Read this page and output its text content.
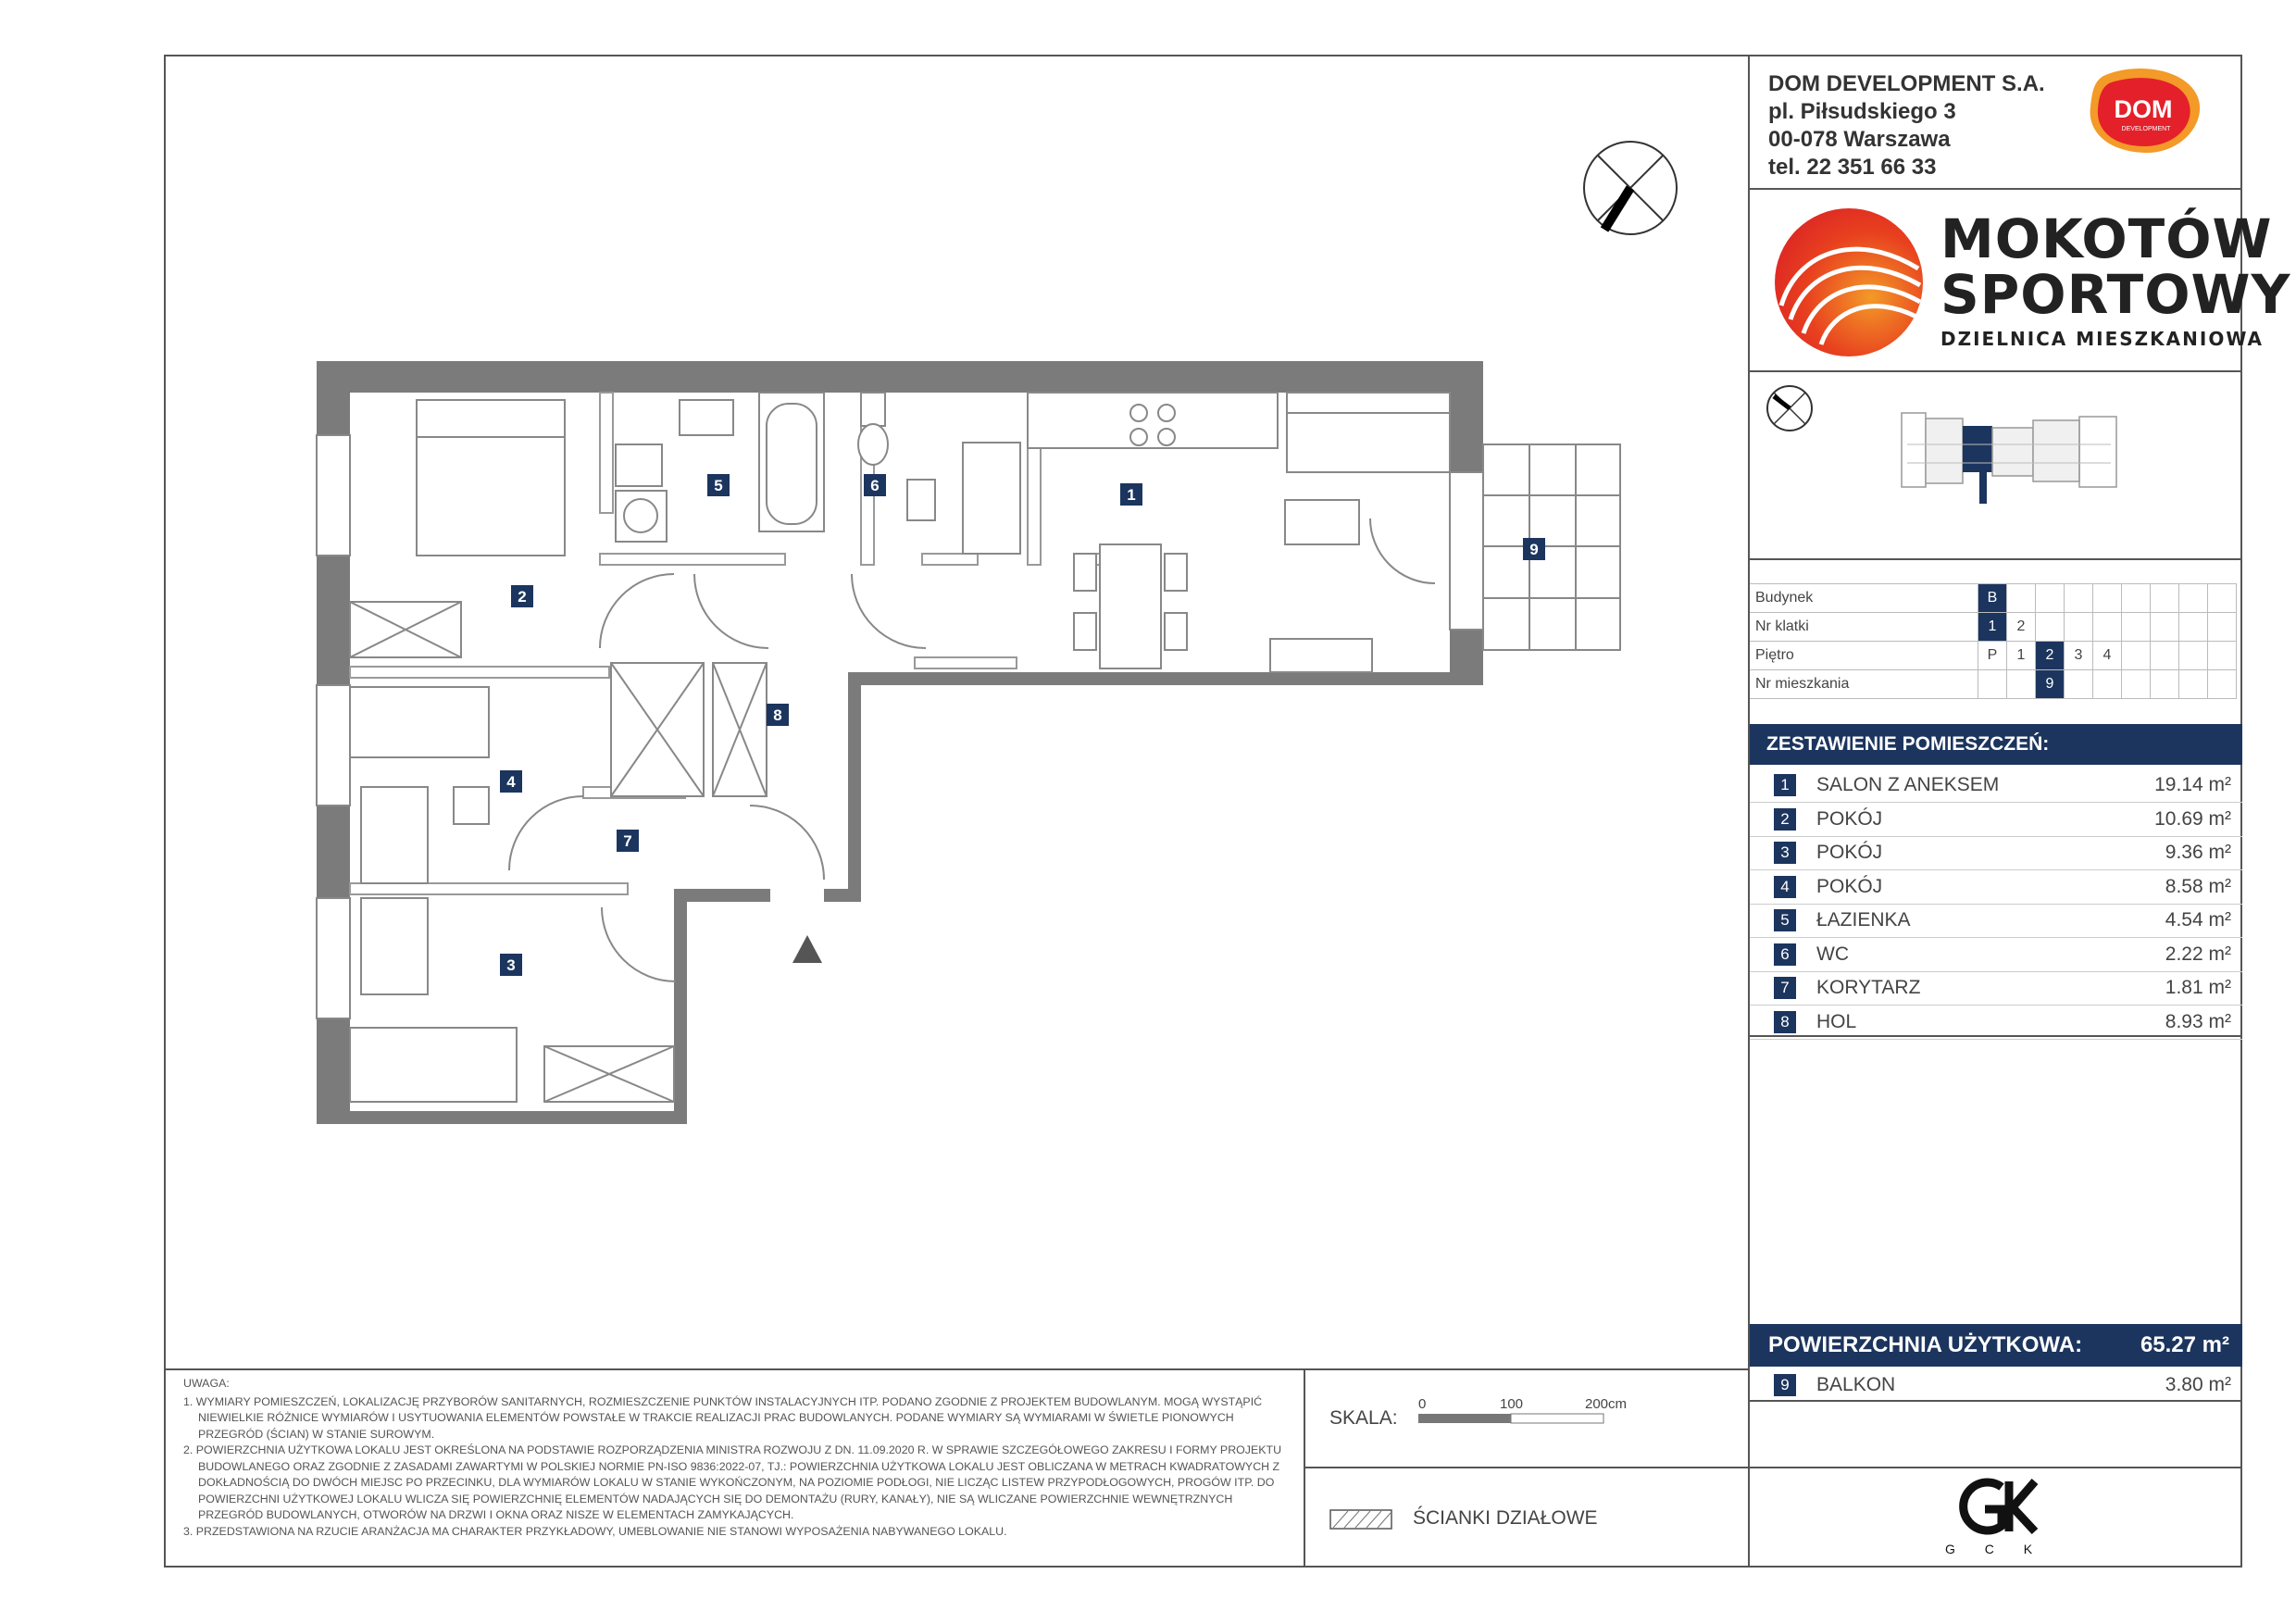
DOM DEVELOPMENT S.A.
pl. Piłsudskiego 3
00-078 Warszawa
tel. 22 351 66 33
DOM
DEVELOPMENT
MOKOTÓW
SPORTOWY
DZIELNICA MIESZKANIOWA
Budynek	B								
Nr klatki	1	2							
Piętro	P	1	2	3	4				
Nr mieszkania			9						
ZESTAWIENIE POMIESZCZEŃ:
1	SALON Z ANEKSEM	19.14 m²
2	POKÓJ	10.69 m²
3	POKÓJ	9.36 m²
4	POKÓJ	8.58 m²
5	ŁAZIENKA	4.54 m²
6	WC	2.22 m²
7	KORYTARZ	1.81 m²
8	HOL	8.93 m²
POWIERZCHNIA UŻYTKOWA:	65.27 m²
9	BALKON	3.80 m²
G C K
UWAGA:
1. WYMIARY POMIESZCZEŃ, LOKALIZACJĘ PRZYBORÓW SANITARNYCH, ROZMIESZCZENIE PUNKTÓW INSTALACYJNYCH ITP. PODANO ZGODNIE Z PROJEKTEM BUDOWLANYM. MOGĄ WYSTĄPIĆ NIEWIELKIE RÓŻNICE WYMIARÓW I USYTUOWANIA ELEMENTÓW POWSTAŁE W TRAKCIE REALIZACJI PRAC BUDOWLANYCH. PODANE WYMIARY SĄ WYMIARAMI W ŚWIETLE PIONOWYCH PRZEGRÓD (ŚCIAN) W STANIE SUROWYM.
2. POWIERZCHNIA UŻYTKOWA LOKALU JEST OKREŚLONA NA PODSTAWIE ROZPORZĄDZENIA MINISTRA ROZWOJU Z DN. 11.09.2020 R. W SPRAWIE SZCZEGÓŁOWEGO ZAKRESU I FORMY PROJEKTU BUDOWLANEGO ORAZ ZGODNIE Z ZASADAMI ZAWARTYMI W POLSKIEJ NORMIE PN-ISO 9836:2022-07, TJ.: POWIERZCHNIA UŻYTKOWA LOKALU JEST OBLICZANA W METRACH KWADRATOWYCH Z DOKŁADNOŚCIĄ DO DWÓCH MIEJSC PO PRZECINKU, DLA WYMIARÓW LOKALU W STANIE WYKOŃCZONYM, NA POZIOMIE PODŁOGI, NIE LICZĄC LISTEW PRZYPODŁOGOWYCH, PROGÓW ITP. DO POWIERZCHNI UŻYTKOWEJ LOKALU WLICZA SIĘ POWIERZCHNIĘ ELEMENTÓW NADAJĄCYCH SIĘ DO DEMONTAŻU (RURY, KANAŁY), NIE SĄ WLICZANE POWIERZCHNIE WEWNĘTRZNYCH PRZEGRÓD BUDOWLANYCH, OTWORÓW NA DRZWI I OKNA ORAZ NISZE W ELEMENTACH ZAMYKAJĄCYCH.
3. PRZEDSTAWIONA NA RZUCIE ARANŻACJA MA CHARAKTER PRZYKŁADOWY, UMEBLOWANIE NIE STANOWI WYPOSAŻENIA NABYWANEGO LOKALU.
SKALA:
0	100	200cm
ŚCIANKI DZIAŁOWE
1
2
3
4
5	6
7
8
9
